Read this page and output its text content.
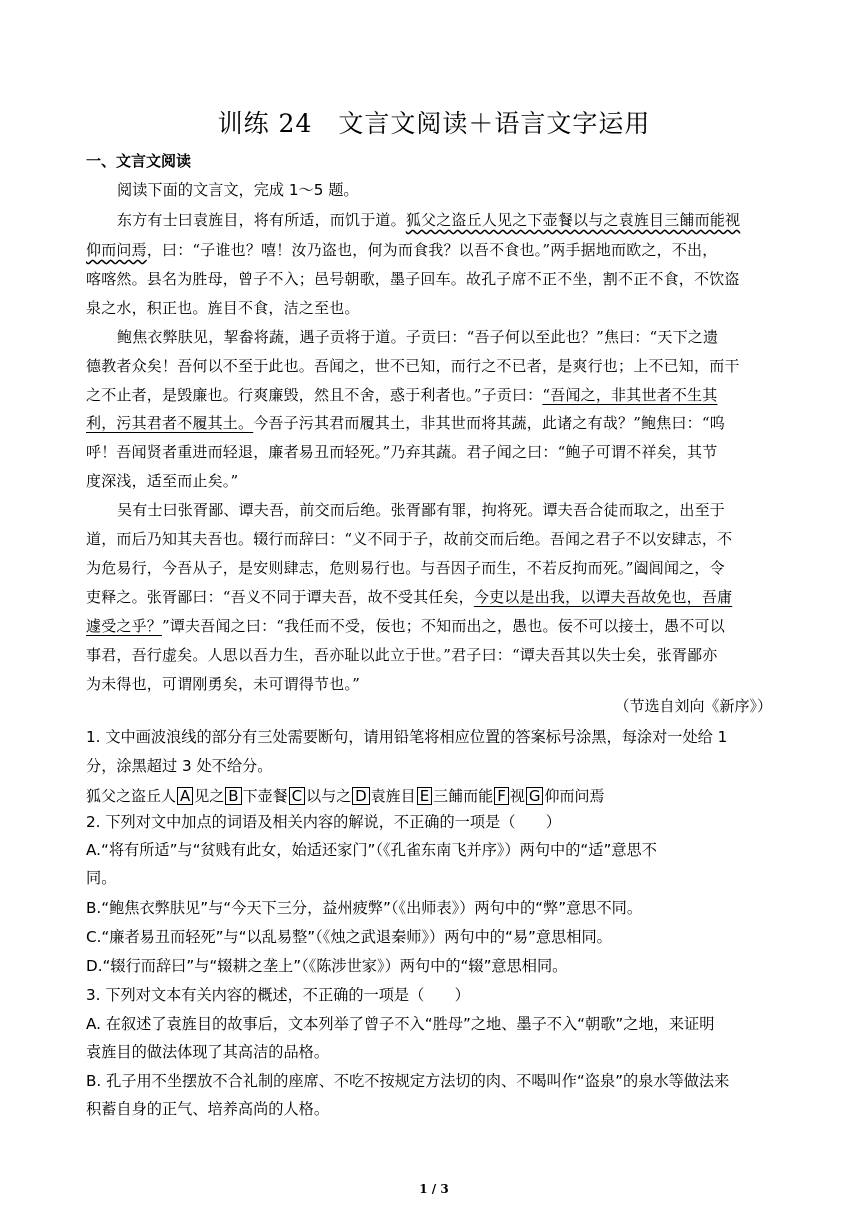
训练 24　文言文阅读＋语言文字运用
一、文言文阅读
阅读下面的文言文，完成 1～5 题。
东方有士曰袁旌目，将有所适，而饥于道。狐父之盗丘人见之下壶餐以与之袁旌目三餔而能视
仰而问焉，曰：“子谁也？嘻！汝乃盗也，何为而食我？以吾不食也。”两手据地而欧之，不出，
喀喀然。县名为胜母，曾子不入；邑号朝歌，墨子回车。故孔子席不正不坐，割不正不食，不饮盗
泉之水，积正也。旌目不食，洁之至也。
鲍焦衣弊肤见，挈畚将蔬，遇子贡将于道。子贡曰：“吾子何以至此也？”焦曰：“天下之遗
德教者众矣！吾何以不至于此也。吾闻之，世不已知，而行之不已者，是爽行也；上不已知，而干
之不止者，是毁廉也。行爽廉毁，然且不舍，惑于利者也。”子贡曰：“吾闻之，非其世者不生其
利，污其君者不履其土。今吾子污其君而履其土，非其世而将其蔬，此诸之有哉？”鲍焦曰：“呜
呼！吾闻贤者重进而轻退，廉者易丑而轻死。”乃弃其蔬。君子闻之曰：“鲍子可谓不祥矣，其节
度深浅，适至而止矣。”
吴有士曰张胥鄙、谭夫吾，前交而后绝。张胥鄙有罪，拘将死。谭夫吾合徒而取之，出至于
道，而后乃知其夫吾也。辍行而辞曰：“义不同于子，故前交而后绝。吾闻之君子不以安肆志，不
为危易行，今吾从子，是安则肆志，危则易行也。与吾因子而生，不若反拘而死。”阖闾闻之，令
吏释之。张胥鄙曰：“吾义不同于谭夫吾，故不受其任矣，今吏以是出我，以谭夫吾故免也，吾庸
遽受之乎？”谭夫吾闻之曰：“我任而不受，佞也；不知而出之，愚也。佞不可以接士，愚不可以
事君，吾行虚矣。人思以吾力生，吾亦耻以此立于世。”君子曰：“谭夫吾其以失士矣，张胥鄙亦
为未得也，可谓刚勇矣，未可谓得节也。”
（节选自刘向《新序》）
1. 文中画波浪线的部分有三处需要断句，请用铅笔将相应位置的答案标号涂黑，每涂对一处给 1
分，涂黑超过 3 处不给分。
狐父之盗丘人 A 见之 B 下壶餐 C 以与之 D 袁旌目 E 三餔而能 F 视 G 仰而问焉
2. 下列对文中加点的词语及相关内容的解说，不正确的一项是（　　）
A.“将有所适”与“贫贱有此女，始适还家门”（《孔雀东南飞并序》）两句中的“适”意思不
同。
B.“鲍焦衣弊肤见”与“今天下三分，益州疲弊”（《出师表》）两句中的“弊”意思不同。
C.“廉者易丑而轻死”与“以乱易整”（《烛之武退秦师》）两句中的“易”意思相同。
D.“辍行而辞曰”与“辍耕之垄上”（《陈涉世家》）两句中的“辍”意思相同。
3. 下列对文本有关内容的概述，不正确的一项是（　　）
A. 在叙述了袁旌目的故事后，文本列举了曾子不入“胜母”之地、墨子不入“朝歌”之地，来证明
袁旌目的做法体现了其高洁的品格。
B. 孔子用不坐摆放不合礼制的座席、不吃不按规定方法切的肉、不喝叫作“盗泉”的泉水等做法来
积蓄自身的正气、培养高尚的人格。
1 / 3
